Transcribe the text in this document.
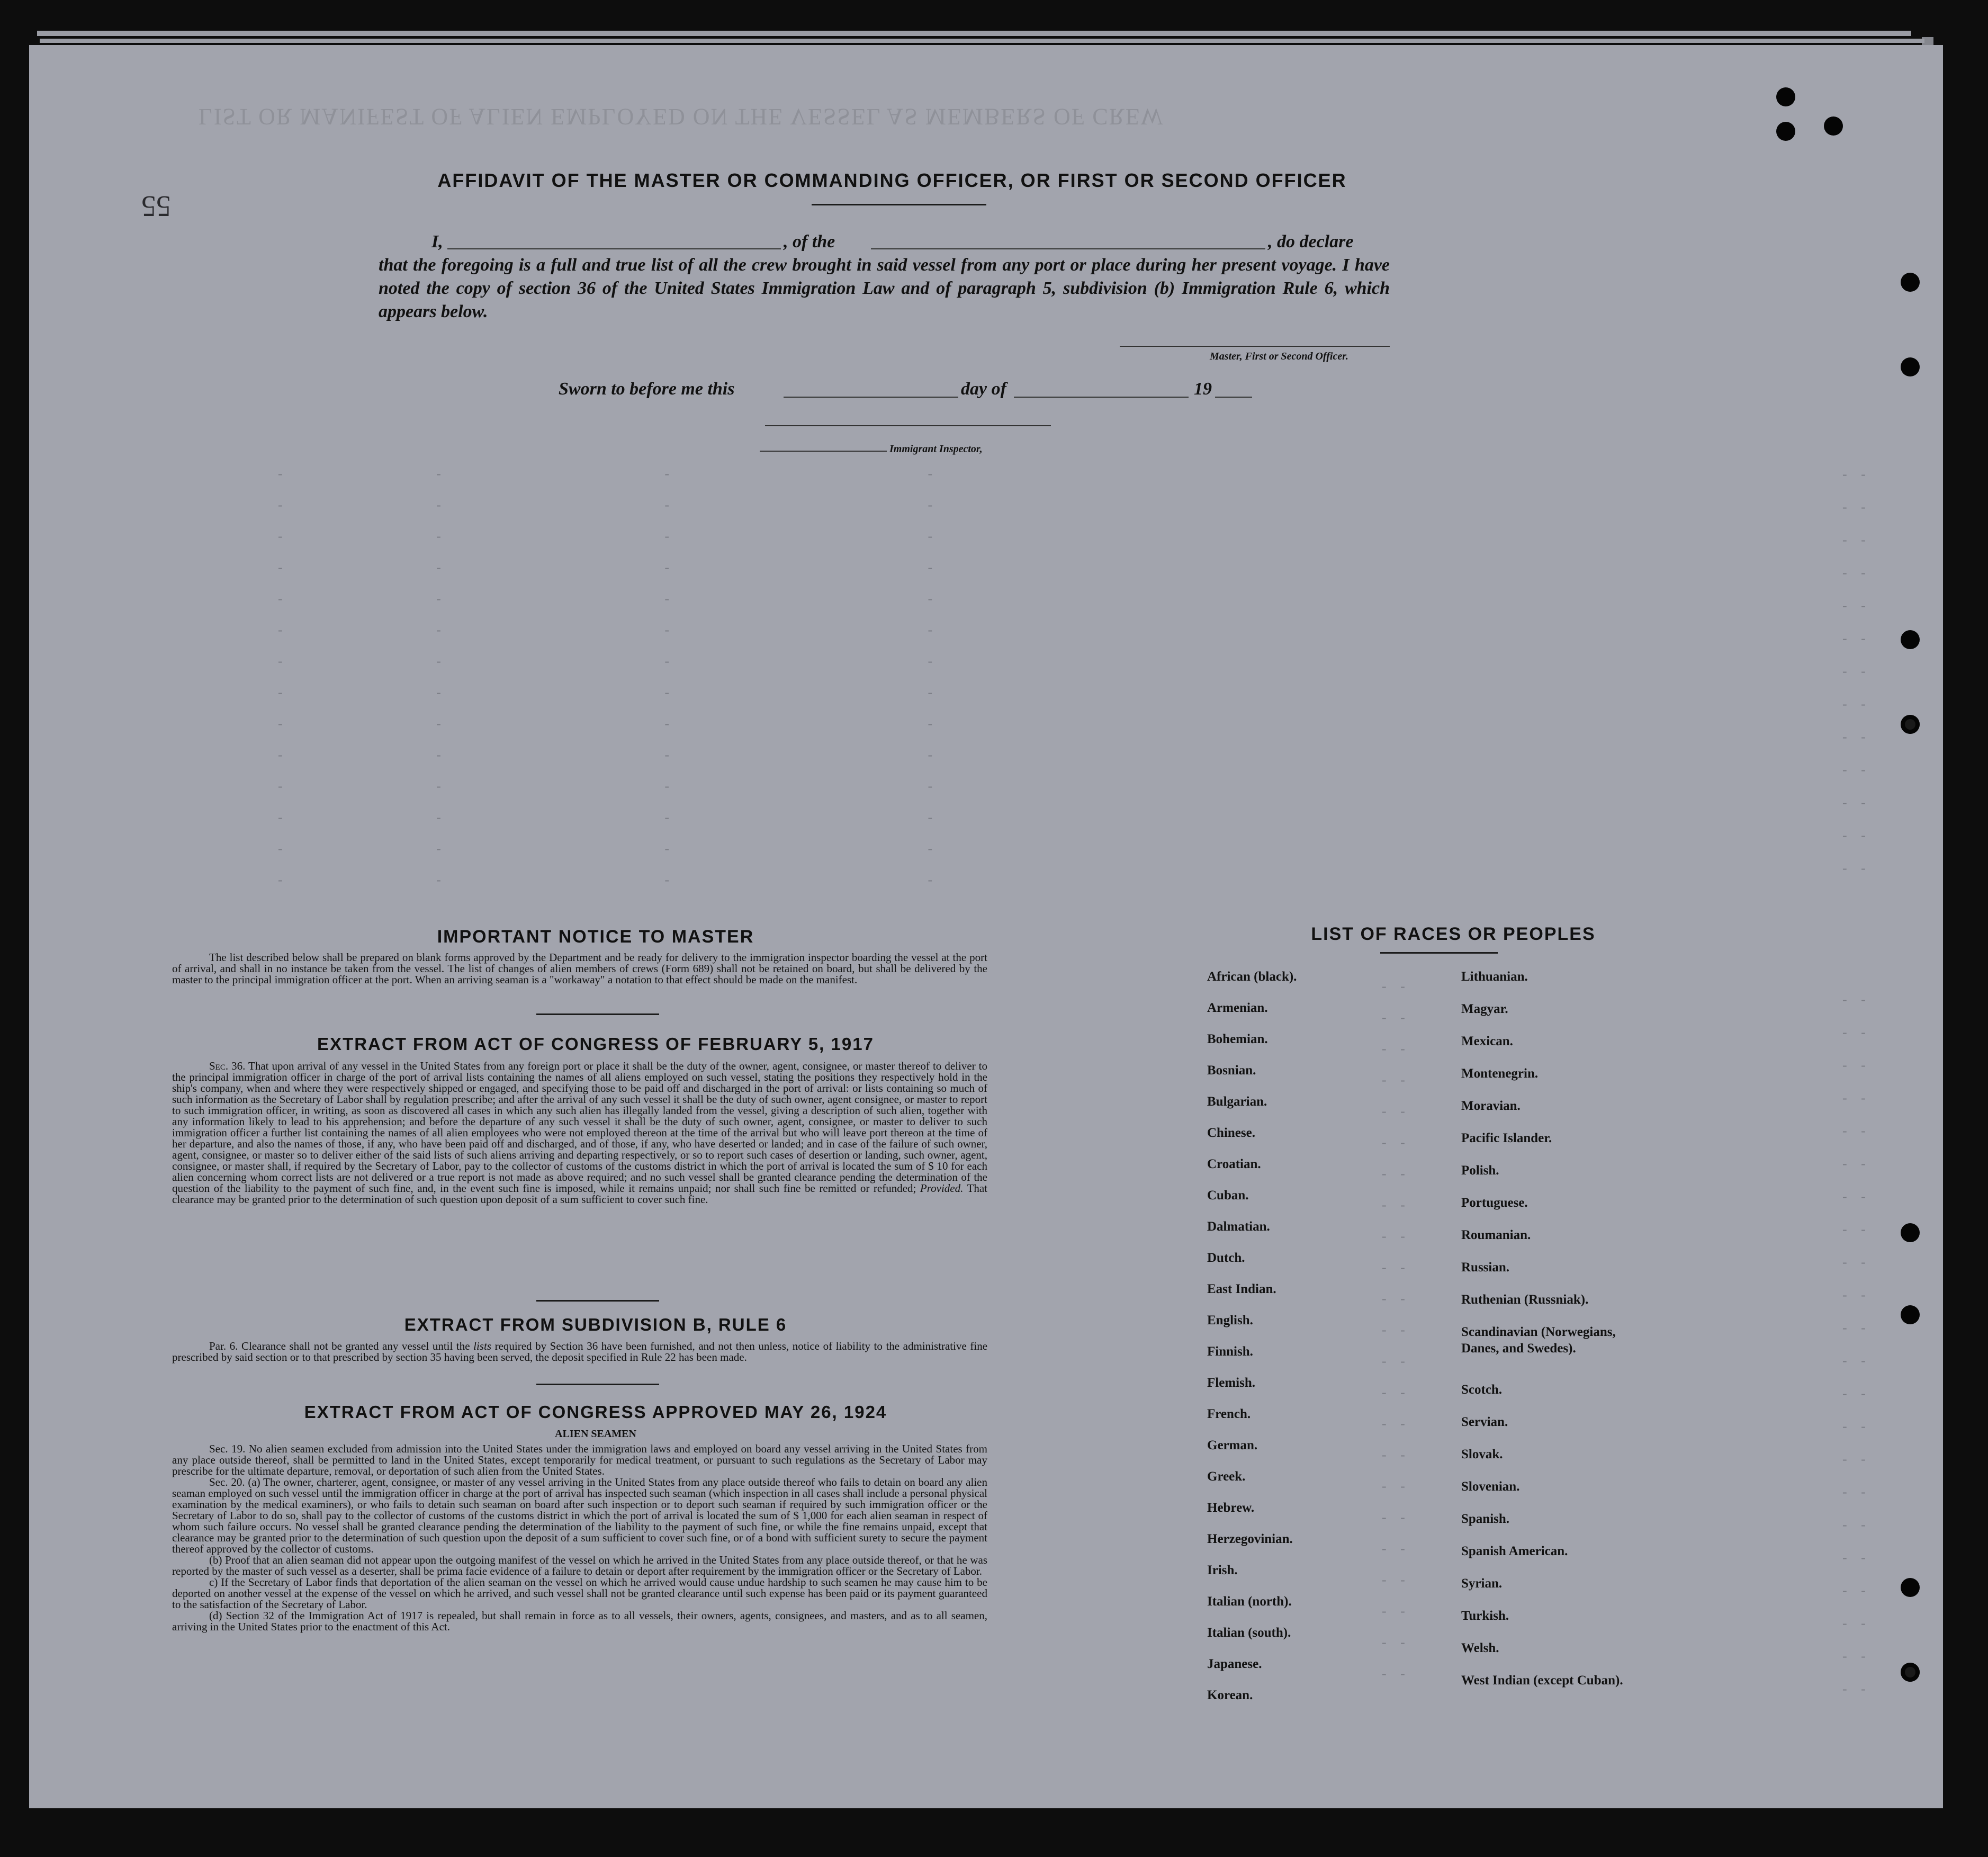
LIST OR MANIFEST OF ALIEN EMPLOYED ON THE VESSEL AS MEMBERS OF CREW
55
AFFIDAVIT OF THE MASTER OR COMMANDING OFFICER, OR FIRST OR SECOND OFFICER
I,	, of the	, do declare
that the foregoing is a full and true list of all the crew brought in said vessel from any port or place during her present voyage. I have noted the copy of section 36 of the United States Immigration Law and of paragraph 5, subdivision (b) Immigration Rule 6, which appears below.
Master, First or Second Officer.
Sworn to before me this	day of	19
Immigrant Inspector,
-                 -                         -                             -
-                 -                         -                             -
-                 -                         -                             -
-                 -                         -                             -
-                 -                         -                             -
-                 -                         -                             -
-                 -                         -                             -
-                 -                         -                             -
-                 -                         -                             -
-                 -                         -                             -
-                 -                         -                             -
-                 -                         -                             -
-                 -                         -                             -
-                 -                         -                             -
IMPORTANT NOTICE TO MASTER

The list described below shall be prepared on blank forms approved by the Department and be ready for delivery to the immigration inspector boarding the vessel at the port of arrival, and shall in no instance be taken from the vessel. The list of changes of alien members of crews (Form 689) shall not be retained on board, but shall be delivered by the master to the principal immigration officer at the port. When an arriving seaman is a "workaway" a notation to that effect should be made on the manifest.

EXTRACT FROM ACT OF CONGRESS OF FEBRUARY 5, 1917

Sec. 36. That upon arrival of any vessel in the United States from any foreign port or place it shall be the duty of the owner, agent, consignee, or master thereof to deliver to the principal immigration officer in charge of the port of arrival lists containing the names of all aliens employed on such vessel, stating the positions they respectively hold in the ship's company, when and where they were respectively shipped or engaged, and specifying those to be paid off and discharged in the port of arrival: or lists containing so much of such information as the Secretary of Labor shall by regulation prescribe; and after the arrival of any such vessel it shall be the duty of such owner, agent consignee, or master to report to such immigration officer, in writing, as soon as discovered all cases in which any such alien has illegally landed from the vessel, giving a description of such alien, together with any information likely to lead to his apprehension; and before the departure of any such vessel it shall be the duty of such owner, agent, consignee, or master to deliver to such immigration officer a further list containing the names of all alien employees who were not employed thereon at the time of the arrival but who will leave port thereon at the time of her departure, and also the names of those, if any, who have been paid off and discharged, and of those, if any, who have deserted or landed; and in case of the failure of such owner, agent, consignee, or master so to deliver either of the said lists of such aliens arriving and departing respectively, or so to report such cases of desertion or landing, such owner, agent, consignee, or master shall, if required by the Secretary of Labor, pay to the collector of customs of the customs district in which the port of arrival is located the sum of $ 10 for each alien concerning whom correct lists are not delivered or a true report is not made as above required; and no such vessel shall be granted clearance pending the determination of the question of the liability to the payment of such fine, and, in the event such fine is imposed, while it remains unpaid; nor shall such fine be remitted or refunded; Provided. That clearance may be granted prior to the determination of such question upon deposit of a sum sufficient to cover such fine.

EXTRACT FROM SUBDIVISION B, RULE 6

Par. 6. Clearance shall not be granted any vessel until the lists required by Section 36 have been furnished, and not then unless, notice of liability to the administrative fine prescribed by said section or to that prescribed by section 35 having been served, the deposit specified in Rule 22 has been made.

EXTRACT FROM ACT OF CONGRESS APPROVED MAY 26, 1924
ALIEN SEAMEN

Sec. 19. No alien seamen excluded from admission into the United States under the immigration laws and employed on board any vessel arriving in the United States from any place outside thereof, shall be permitted to land in the United States, except temporarily for medical treatment, or pursuant to such regulations as the Secretary of Labor may prescribe for the ultimate departure, removal, or deportation of such alien from the United States.

Sec. 20. (a) The owner, charterer, agent, consignee, or master of any vessel arriving in the United States from any place outside thereof who fails to detain on board any alien seaman employed on such vessel until the immigration officer in charge at the port of arrival has inspected such seaman (which inspection in all cases shall include a personal physical examination by the medical examiners), or who fails to detain such seaman on board after such inspection or to deport such seaman if required by such immigration officer or the Secretary of Labor to do so, shall pay to the collector of customs of the customs district in which the port of arrival is located the sum of $ 1,000 for each alien seaman in respect of whom such failure occurs. No vessel shall be granted clearance pending the determination of the liability to the payment of such fine, or while the fine remains unpaid, except that clearance may be granted prior to the determination of such question upon the deposit of a sum sufficient to cover such fine, or of a bond with sufficient surety to secure the payment thereof approved by the collector of customs.

(b) Proof that an alien seaman did not appear upon the outgoing manifest of the vessel on which he arrived in the United States from any place outside thereof, or that he was reported by the master of such vessel as a deserter, shall be prima facie evidence of a failure to detain or deport after requirement by the immigration officer or the Secretary of Labor.

c) If the Secretary of Labor finds that deportation of the alien seaman on the vessel on which he arrived would cause undue hardship to such seamen he may cause him to be deported on another vessel at the expense of the vessel on which he arrived, and such vessel shall not be granted clearance until such expense has been paid or its payment guaranteed to the satisfaction of the Secretary of Labor.

(d) Section 32 of the Immigration Act of 1917 is repealed, but shall remain in force as to all vessels, their owners, agents, consignees, and masters, and as to all seamen, arriving in the United States prior to the enactment of this Act.

LIST OF RACES OR PEOPLES
African (black).
Armenian.
Bohemian.
Bosnian.
Bulgarian.
Chinese.
Croatian.
Cuban.
Dalmatian.
Dutch.
East Indian.
English.
Finnish.
Flemish.
French.
German.
Greek.
Hebrew.
Herzegovinian.
Irish.
Italian (north).
Italian (south).
Japanese.
Korean.
Lithuanian.
Magyar.
Mexican.
Montenegrin.
Moravian.
Pacific Islander.
Polish.
Portuguese.
Roumanian.
Russian.
Ruthenian (Russniak).
Scandinavian (Norwegians, Danes, and Swedes).
Scotch.
Servian.
Slovak.
Slovenian.
Spanish.
Spanish American.
Syrian.
Turkish.
Welsh.
West Indian (except Cuban).
- -
- -
- -
- -
- -
- -
- -
- -
- -
- -
- -
- -
- -
- -
- -
- -
- -
- -
- -
- -
- -
- -
- -
- -
- -
- -
- -
- -
- -
- -
- -
- -
- -
- -
- -
- -

- -
- -
- -
- -
- -
- -
- -
- -
- -
- -
- -
- -
- -
- -
- -
- -
- -
- -
- -
- -
- -
- -
